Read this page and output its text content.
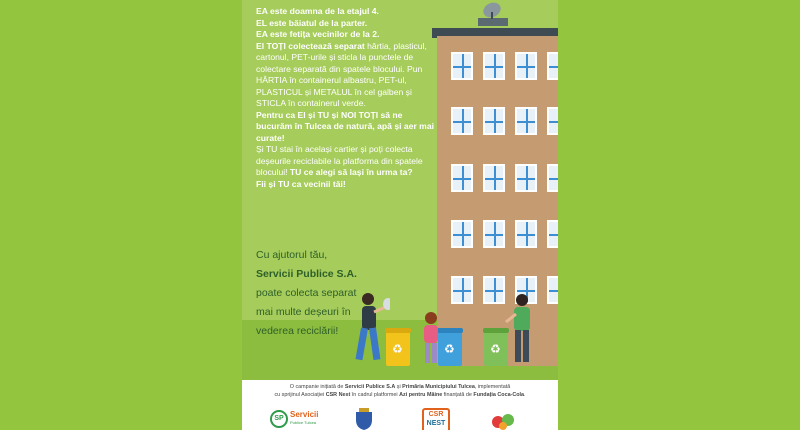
♻	♻	♻

EA este doamna de la etajul 4.

EL este băiatul de la parter.

EA este fetița vecinilor de la 2.

El TOȚI colectează separat hârtia, plasticul, cartonul, PET-urile și sticla la punctele de colectare separată din spatele blocului. Pun HÂRTIA în containerul albastru, PET-ul, PLASTICUL și METALUL în cel galben și STICLA în containerul verde.

Pentru ca El și TU și NOI TOȚI să ne bucurăm în Tulcea de natură, apă și aer mai curate!

Și TU stai în același cartier și poți colecta deșeurile reciclabile la platforma din spatele blocului! TU ce alegi să lași în urma ta?

Fii și TU ca vecinii tăi!

Cu ajutorul tău,
Servicii Publice S.A.
poate colecta separat
mai multe deșeuri în
vederea reciclării!
O campanie inițiată de Servicii Publice S.A și Primăria Municipiului Tulcea, implementată
cu sprijinul Asociației CSR Nest în cadrul platformei Azi pentru Mâine finanțată de Fundația Coca-Cola.
SP Servicii
Publice Tulcea
CSR
NEST
